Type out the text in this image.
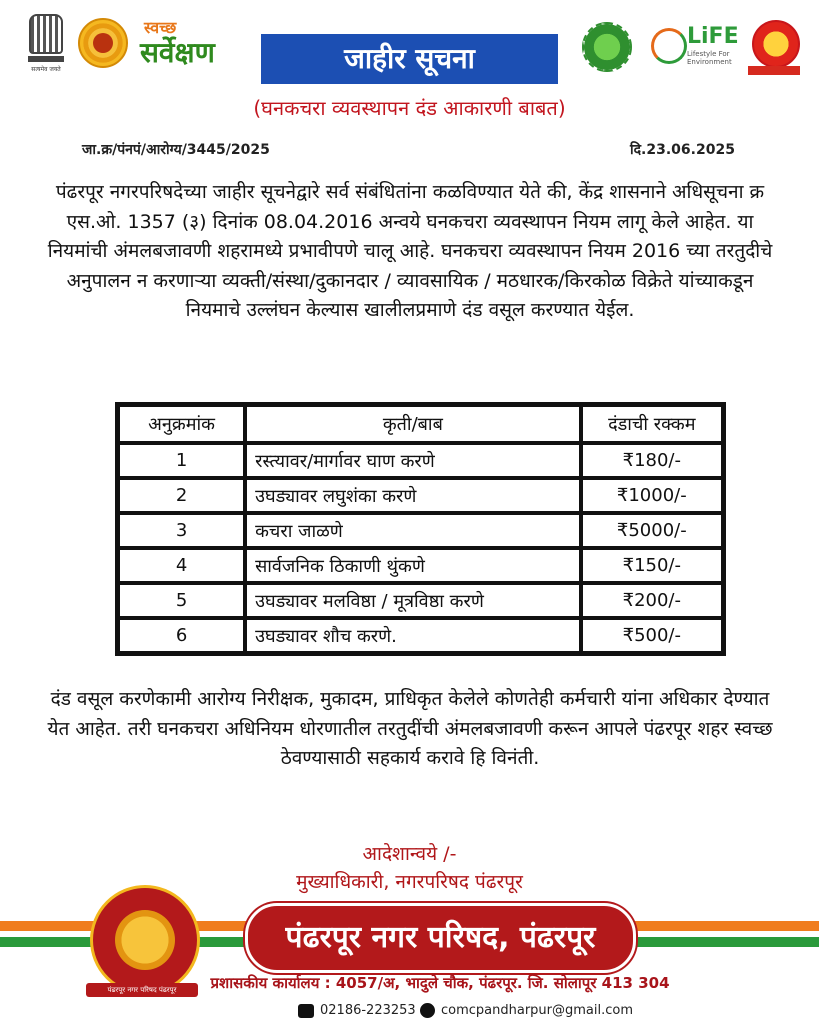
सत्यमेव जयते
स्वच्छ
सर्वेक्षण	जाहीर सूचना
LiFE
Lifestyle For Environment
(घनकचरा व्यवस्थापन दंड आकारणी बाबत)
जा.क्र/पंनपं/आरोग्य/3445/2025	दि.23.06.2025
पंढरपूर नगरपरिषदेच्या जाहीर सूचनेद्वारे सर्व संबंधितांना कळविण्यात येते की, केंद्र शासनाने अधिसूचना क्र एस.ओ. 1357 (३) दिनांक 08.04.2016 अन्वये घनकचरा व्यवस्थापन नियम लागू केले आहेत. या नियमांची अंमलबजावणी शहरामध्ये प्रभावीपणे चालू आहे. घनकचरा व्यवस्थापन नियम 2016 च्या तरतुदीचे अनुपालन न करणाऱ्या व्यक्ती/संस्था/दुकानदार / व्यावसायिक / मठधारक/किरकोळ विक्रेते यांच्याकडून नियमाचे उल्लंघन केल्यास खालीलप्रमाणे दंड वसूल करण्यात येईल.
अनुक्रमांक	कृती/बाब	दंडाची रक्कम
1	रस्त्यावर/मार्गावर घाण करणे	₹180/-
2	उघड्यावर लघुशंका करणे	₹1000/-
3	कचरा जाळणे	₹5000/-
4	सार्वजनिक ठिकाणी थुंकणे	₹150/-
5	उघड्यावर मलविष्ठा / मूत्रविष्ठा करणे	₹200/-
6	उघड्यावर शौच करणे.	₹500/-
दंड वसूल करणेकामी आरोग्य निरीक्षक, मुकादम, प्राधिकृत केलेले कोणतेही कर्मचारी यांना अधिकार देण्यात येत आहेत. तरी घनकचरा अधिनियम धोरणातील तरतुदींची अंमलबजावणी करून आपले पंढरपूर शहर स्वच्छ ठेवण्यासाठी सहकार्य करावे हि विनंती.
आदेशान्वये /-
मुख्याधिकारी, नगरपरिषद पंढरपूर
पंढरपूर नगर परिषद पंढरपूर
पंढरपूर नगर परिषद, पंढरपूर
प्रशासकीय कार्यालय : 4057/अ, भादुले चौक, पंढरपूर. जि. सोलापूर 413 304
02186-223253	comcpandharpur@gmail.com
